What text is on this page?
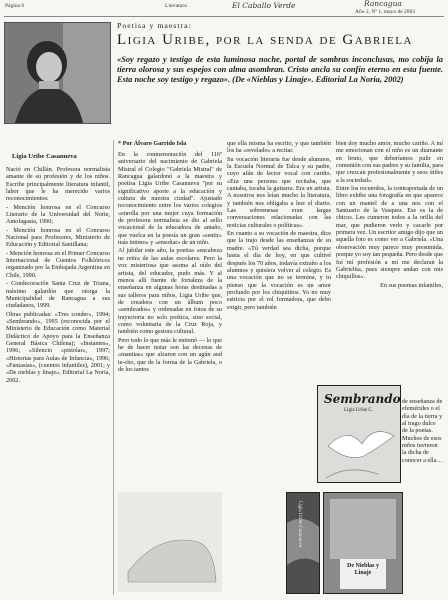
Página 6	Literatura	El Caballo Verde	Rancagua
Año 2, Nº 1, mayo de 2003
Poetisa y maestra:
Ligia Uribe, por la senda de Gabriela
«Soy regazo y testigo de esta luminosa noche, portal de sombras inconclusas, mo cobija la tierra olorosa y sus espejos con alma asombran. Cristo ancla su confín eterno en esta fuente. Esta noche soy testigo y regazo». (De «Nieblas y Linaje». Editorial La Noria, 2002)
Ligia Uribe Casanueva

Nació en Chillán. Profesora normalista amante de su profesión y de los niños. Escribe principalmente literatura infantil, labor que le ha merecido varios reconocimientos:

- Mención honrosa en el Concurso Literario de la Universidad del Norte, Antofagasta, 1990;

- Mención honrosa en el Concurso Nacional para Profesores, Ministerio de Educación y Editorial Santillana;

- Mención honrosa en el Primer Concurso Internacional de Cuentos Folklóricos organizado por la Embajada Argentina en Chile, 1990.

- Condecoración Santa Cruz de Triana, máximo galardón que otorga la Municipalidad de Rancagua a sus ciudadanos, 1999.

Obras publicadas: «Tres conder», 1994; «Sembrando», 1995 (reconocida por el Ministerio de Educación como Material Didáctico de Apoyo para la Enseñanza General Básica Chilena); «Instantes», 1996; «Silencio «pistolar», 1997; «Historias para Aulas de Infancia», 1996; «Fantasías», (cuentos infantiles), 2001; y «De nieblas y linaje», Editorial La Noria, 2002.

* Por Álvaro Garrido Isla

En la conmemoración del 116º aniversario del nacimiento de Gabriela Mistral el Colegio "Gabriela Mistral" de Rancagua galardonó a la maestra y poetisa Ligia Uribe Casanueva "por su significativo aporte a la educación y cultura de nuestra ciudad". Ajustado reconocimiento entre los varios colegios «enrolla por una mujer cuya formación de profesora normalista se dio al sello vocacional de la educadora de antaño, que vuelca en la poesía un gran «sentir» más intimo» y «ensoñar» de un niño.

Al jubilar este año, la poetisa «encabeza ne retira de las aulas escolares. Pero la voz misteriosa que asoma al oído del artista, del educador, pudo más. Y al menos allí fuente de fortaleza de la enseñanza en algunas horas destinadas a sus talleres para niños, Ligia Uribe que, de creadora con un álbum poco «sembrados» y ordenadas en fotos de su trayectoria no solo poética, sino social, como voluntaria de la Cruz Roja, y también como gestora cultural.

Pero todo lo que más le entrenó — lo que he de hacer notar son las decenas de «manitas» que alzaron con un agún aud te-cho, que de la forma de la Gabriela, o de los tantos

que ella misma ha escrito, y que también los ha «revelado» a recitar.

Su vocación literaria fue desde alumnos, la Escuela Normal de Talca y su padre, cuyo afán de lector vocal con cariño. «Era una persona que recitaba, que cantaba, tocaba la guitarra. Era un artista. A nosotros nos leían mucho la literatura, y también nos obligaba a leer el diario. Las sobremesas eran largas conversaciones relacionadas con las noticias culturales o políticas».

En cuanto a su vocación de maestra, dice que la trajo desde las enseñanzas de su madre. «Tú verdad sea dicha, porque hasta el día de hoy, en que cultivé después los 70 años, todavía extraño a los alumnos y quisiera volver al colegio. Es una vocación que no se termina, y tu pienso que la vocación es un amor profundo por los chiquititos. Yo no muy estricta por el rol formadora, que debo exigir, pero también

bien doy mucho amor, mucho cariño. A mí me emocionan con el niño es un diamante en bruto, que deberíamos pulir en comunión con sus padres y su familia, para que crezcan profesionalmente y seos útiles a la sociedad».

Entre los recuerdos, la contraportada de un libro exhibe una fotografía en que aparece con un mantel de a una nos con el Santuario de la Vasquez. Ese es la de chicos. Les cumeron todos a la orilla del mar, que pudieron verlo y cacarle por primera vez. Un escritor amigo dijo que un aquella foto es como ver a Gabriela. «Una observación muy parece muy presumida, porque yo soy tan pequeña. Pero desde que fuí mí profesión a mí me declaran la Gabrielita, pues siempre andan con mis chiquillos».

En sus poemas infantiles,

de enseñanza de efemérides o el día de la tierra y al trago dulce de la poetas. Muchos de esos niños tuvieron la dicha de conocer a ella…
Sembrando
Ligia Uribe C.
Ligia Uribe Casanueva
De Nieblas y Linaje
